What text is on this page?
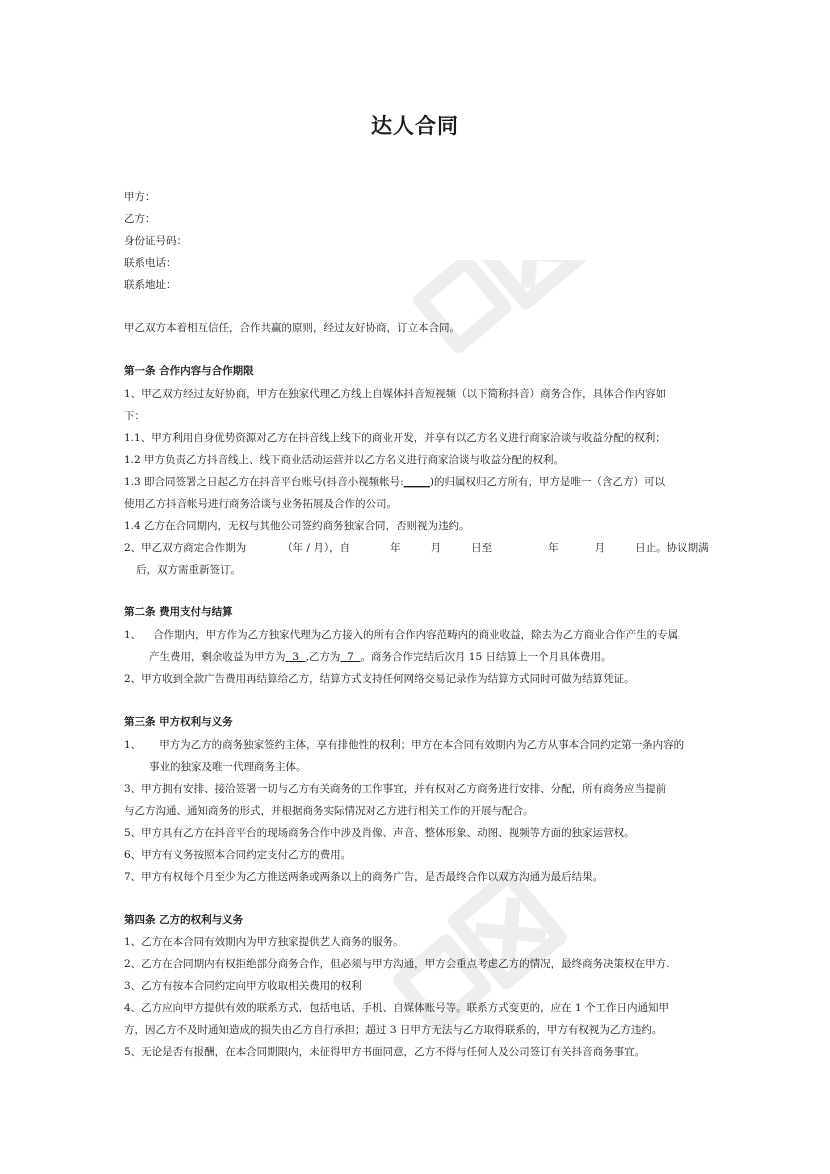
达人合同
甲方：
乙方：
身份证号码：
联系电话：
联系地址：
甲乙双方本着相互信任，合作共赢的原则，经过友好协商，订立本合同。
第一条 合作内容与合作期限
1、甲乙双方经过友好协商，甲方在独家代理乙方线上自媒体抖音短视频（以下简称抖音）商务合作，具体合作内容如
下：
1.1、甲方利用自身优势资源对乙方在抖音线上线下的商业开发，并享有以乙方名义进行商家洽谈与收益分配的权利；
1.2 甲方负责乙方抖音线上、线下商业活动运营并以乙方名义进行商家洽谈与收益分配的权利。
1.3 即合同签署之日起乙方在抖音平台账号(抖音小视频帐号:_____)的归属权归乙方所有，甲方是唯一（含乙方）可以
使用乙方抖音帐号进行商务洽谈与业务拓展及合作的公司。
1.4 乙方在合同期内，无权与其他公司签约商务独家合同，否则视为违约。
2、甲乙双方商定合作期为	（年 / 月），自	年	月	日至	年	月	日止。协议期满
后，双方需重新签订。
第二条 费用支付与结算
1、 合作期内，甲方作为乙方独家代理为乙方接入的所有合作内容范畴内的商业收益，除去为乙方商业合作产生的专属
产生费用，剩余收益为甲方为 3 ,乙方为 7 。商务合作完结后次月 15 日结算上一个月具体费用。
2、甲方收到全款广告费用再结算给乙方，结算方式支持任何网络交易记录作为结算方式同时可做为结算凭证。
第三条 甲方权利与义务
1、 甲方为乙方的商务独家签约主体，享有排他性的权利；甲方在本合同有效期内为乙方从事本合同约定第一条内容的
事业的独家及唯一代理商务主体。
3、甲方拥有安排、接洽签署一切与乙方有关商务的工作事宜，并有权对乙方商务进行安排、分配，所有商务应当提前
与乙方沟通、通知商务的形式，并根据商务实际情况对乙方进行相关工作的开展与配合。
5、甲方具有乙方在抖音平台的现场商务合作中涉及肖像、声音、整体形象、动图、视频等方面的独家运营权。
6、甲方有义务按照本合同约定支付乙方的费用。
7、甲方有权每个月至少为乙方推送两条或两条以上的商务广告，是否最终合作以双方沟通为最后结果。
第四条 乙方的权利与义务
1、乙方在本合同有效期内为甲方独家提供艺人商务的服务。
2、乙方在合同期内有权拒绝部分商务合作，但必须与甲方沟通，甲方会重点考虑乙方的情况，最终商务决策权在甲方.
3、乙方有按本合同约定向甲方收取相关费用的权利
4、乙方应向甲方提供有效的联系方式，包括电话、手机、自媒体账号等。联系方式变更的，应在 1 个工作日内通知甲
方，因乙方不及时通知造成的损失由乙方自行承担；超过 3 日甲方无法与乙方取得联系的，甲方有权视为乙方违约。
5、无论是否有报酬，在本合同期限内，未征得甲方书面同意，乙方不得与任何人及公司签订有关抖音商务事宜。
